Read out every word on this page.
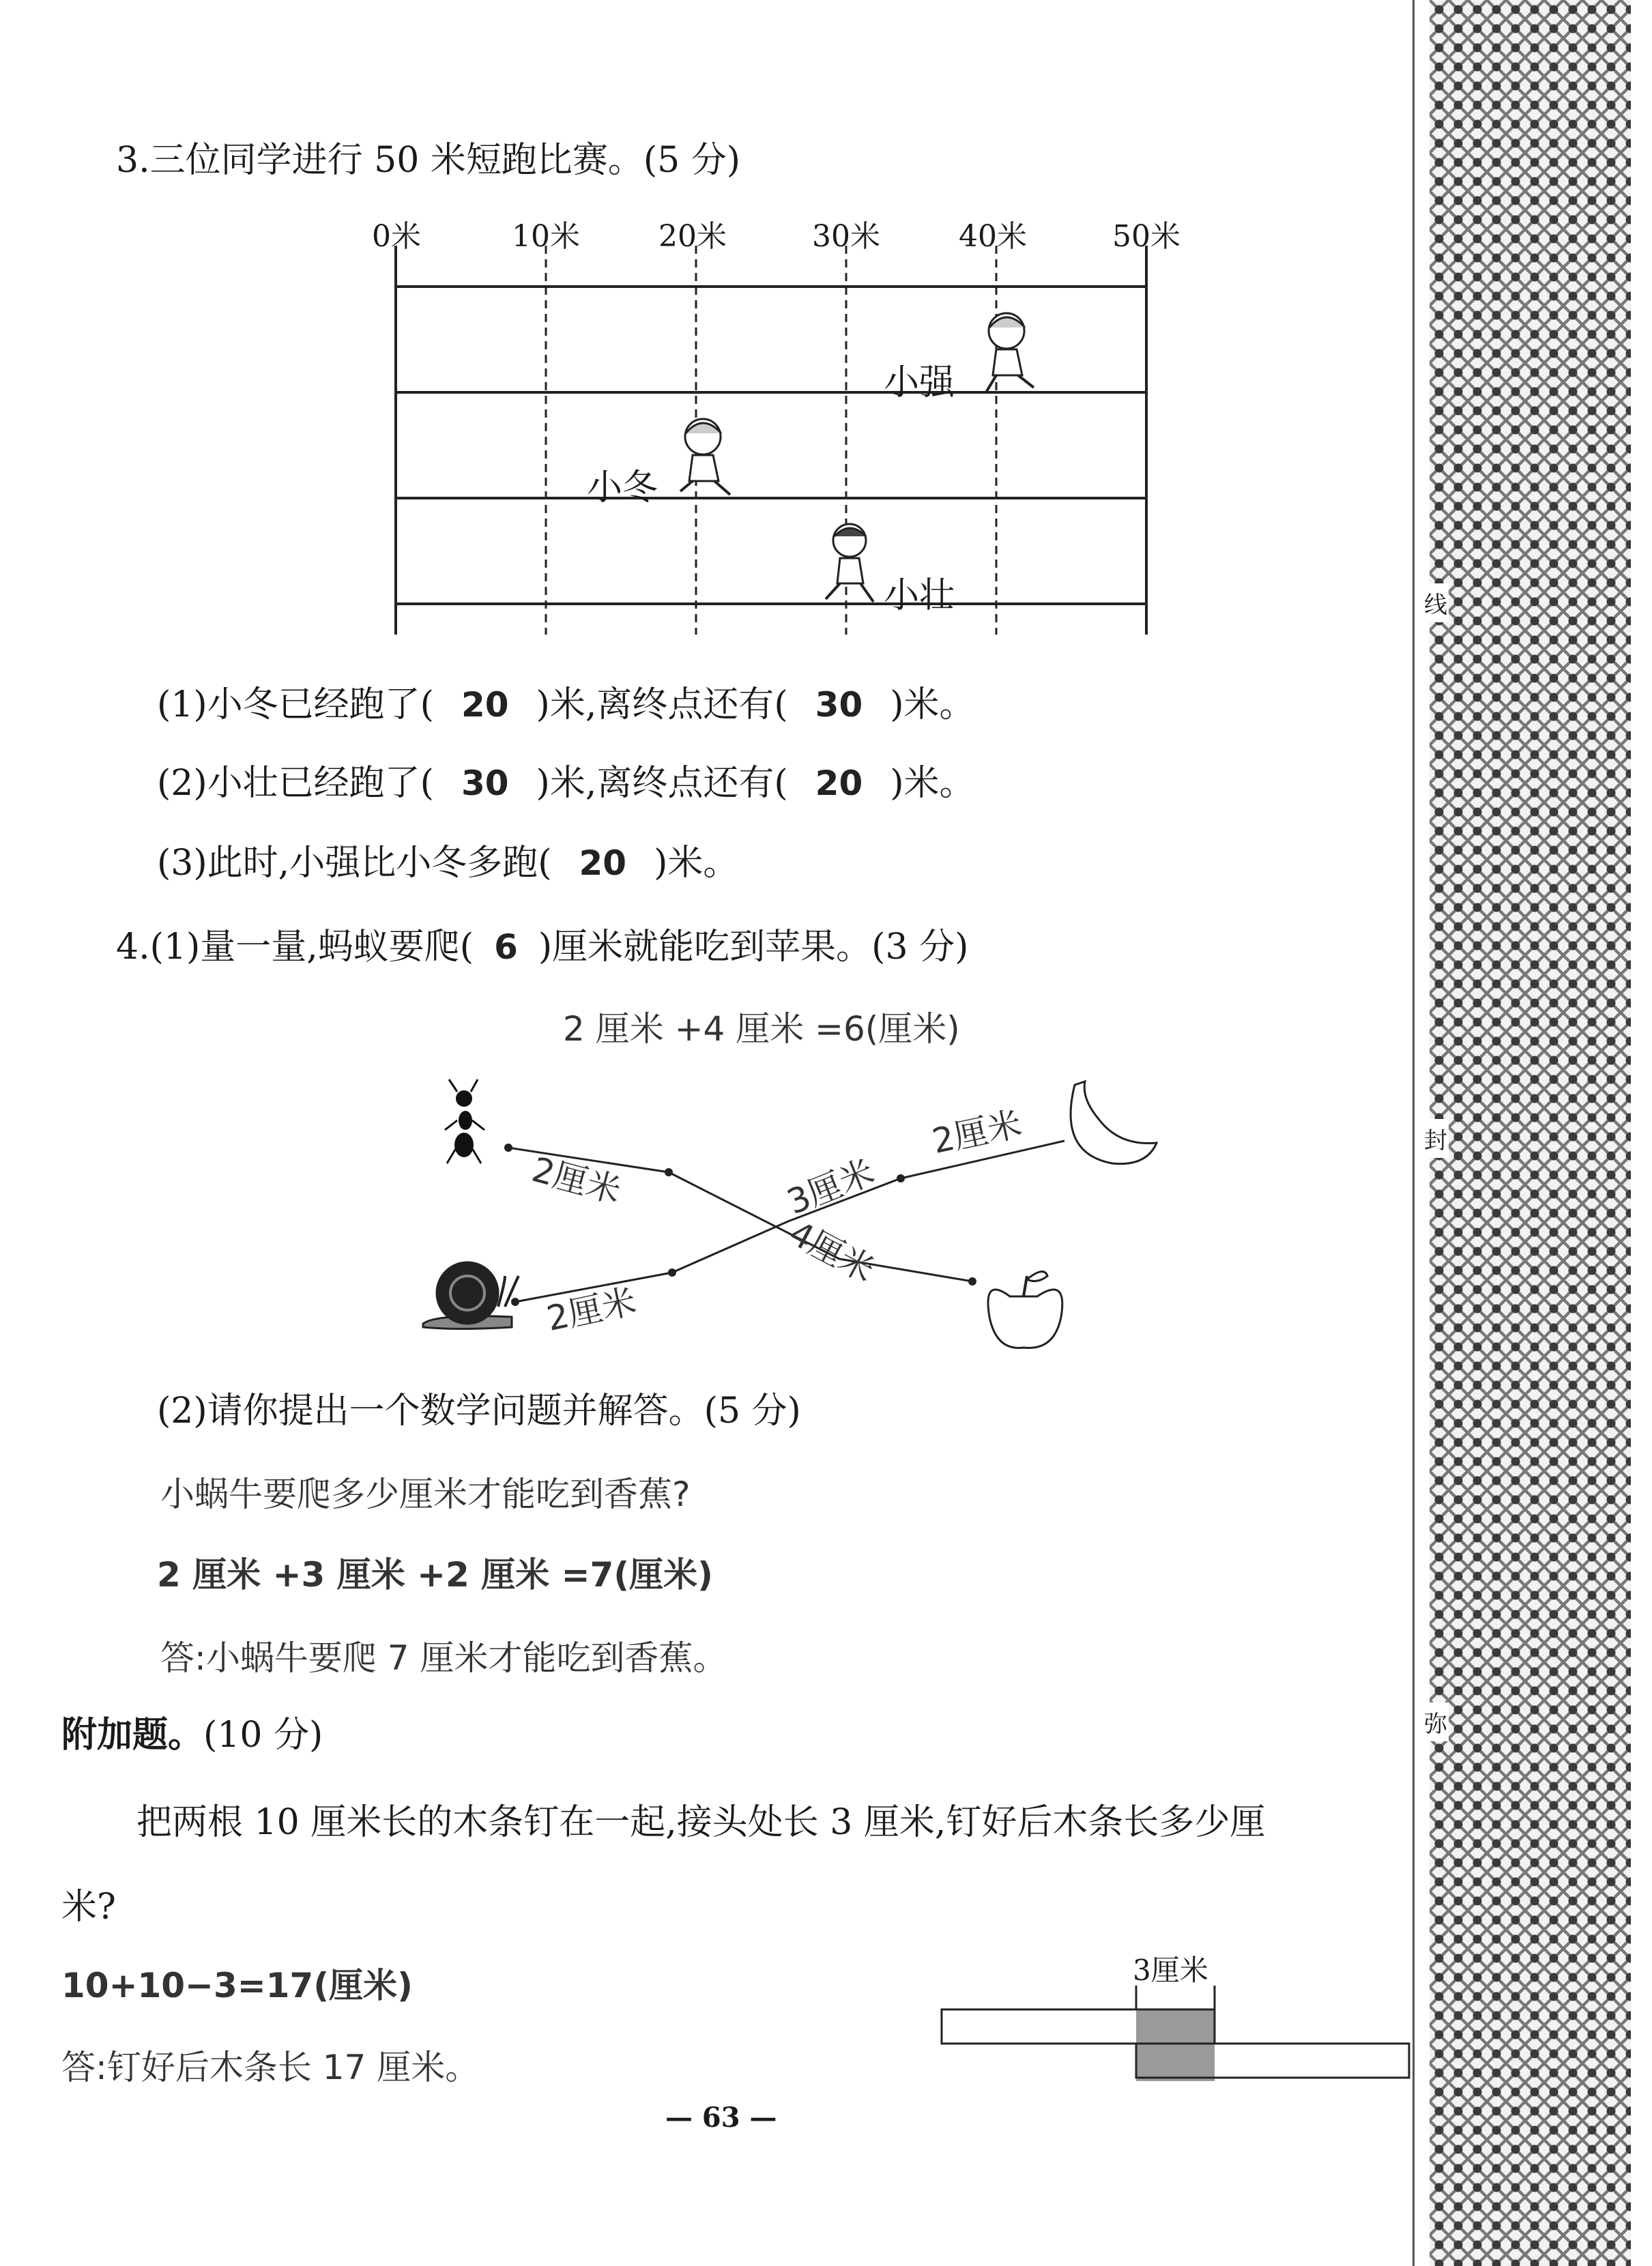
3.三位同学进行 50 米短跑比赛。(5 分)
0米	10米	20米	30米	40米	50米
小强
小冬
小壮
(1)小冬已经跑了( 20 )米,离终点还有( 30 )米。
(2)小壮已经跑了( 30 )米,离终点还有( 20 )米。
(3)此时,小强比小冬多跑( 20 )米。
4.(1)量一量,蚂蚁要爬( 6 )厘米就能吃到苹果。(3 分)
2 厘米 +4 厘米 =6(厘米)
2厘米	3厘米
2厘米
4厘米
2厘米
(2)请你提出一个数学问题并解答。(5 分)
小蜗牛要爬多少厘米才能吃到香蕉?
2 厘米 +3 厘米 +2 厘米 =7(厘米)
答:小蜗牛要爬 7 厘米才能吃到香蕉。
附加题。(10 分)
把两根 10 厘米长的木条钉在一起,接头处长 3 厘米,钉好后木条长多少厘
米?
10+10−3=17(厘米)
答:钉好后木条长 17 厘米。
3厘米
— 63 —
线
封
弥
